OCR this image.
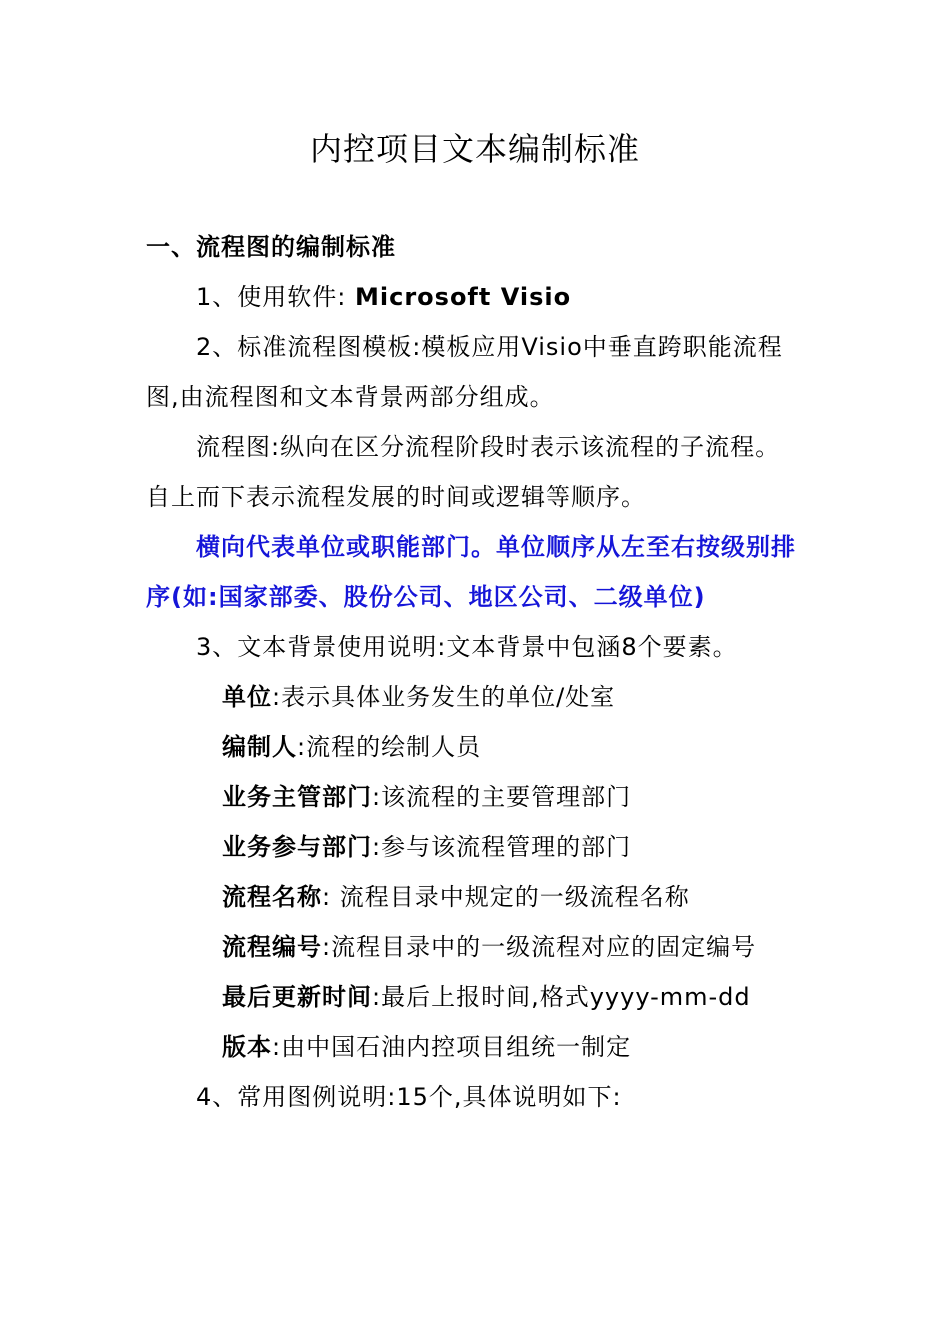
内控项目文本编制标准
一、流程图的编制标准
1、使用软件: Microsoft Visio
2、标准流程图模板:模板应用Visio中垂直跨职能流程
图,由流程图和文本背景两部分组成。
流程图:纵向在区分流程阶段时表示该流程的子流程。
自上而下表示流程发展的时间或逻辑等顺序。
横向代表单位或职能部门。单位顺序从左至右按级别排
序(如:国家部委、股份公司、地区公司、二级单位)
3、文本背景使用说明:文本背景中包涵8个要素。
单位:表示具体业务发生的单位/处室
编制人:流程的绘制人员
业务主管部门:该流程的主要管理部门
业务参与部门:参与该流程管理的部门
流程名称: 流程目录中规定的一级流程名称
流程编号:流程目录中的一级流程对应的固定编号
最后更新时间:最后上报时间,格式yyyy-mm-dd
版本:由中国石油内控项目组统一制定
4、常用图例说明:15个,具体说明如下:
